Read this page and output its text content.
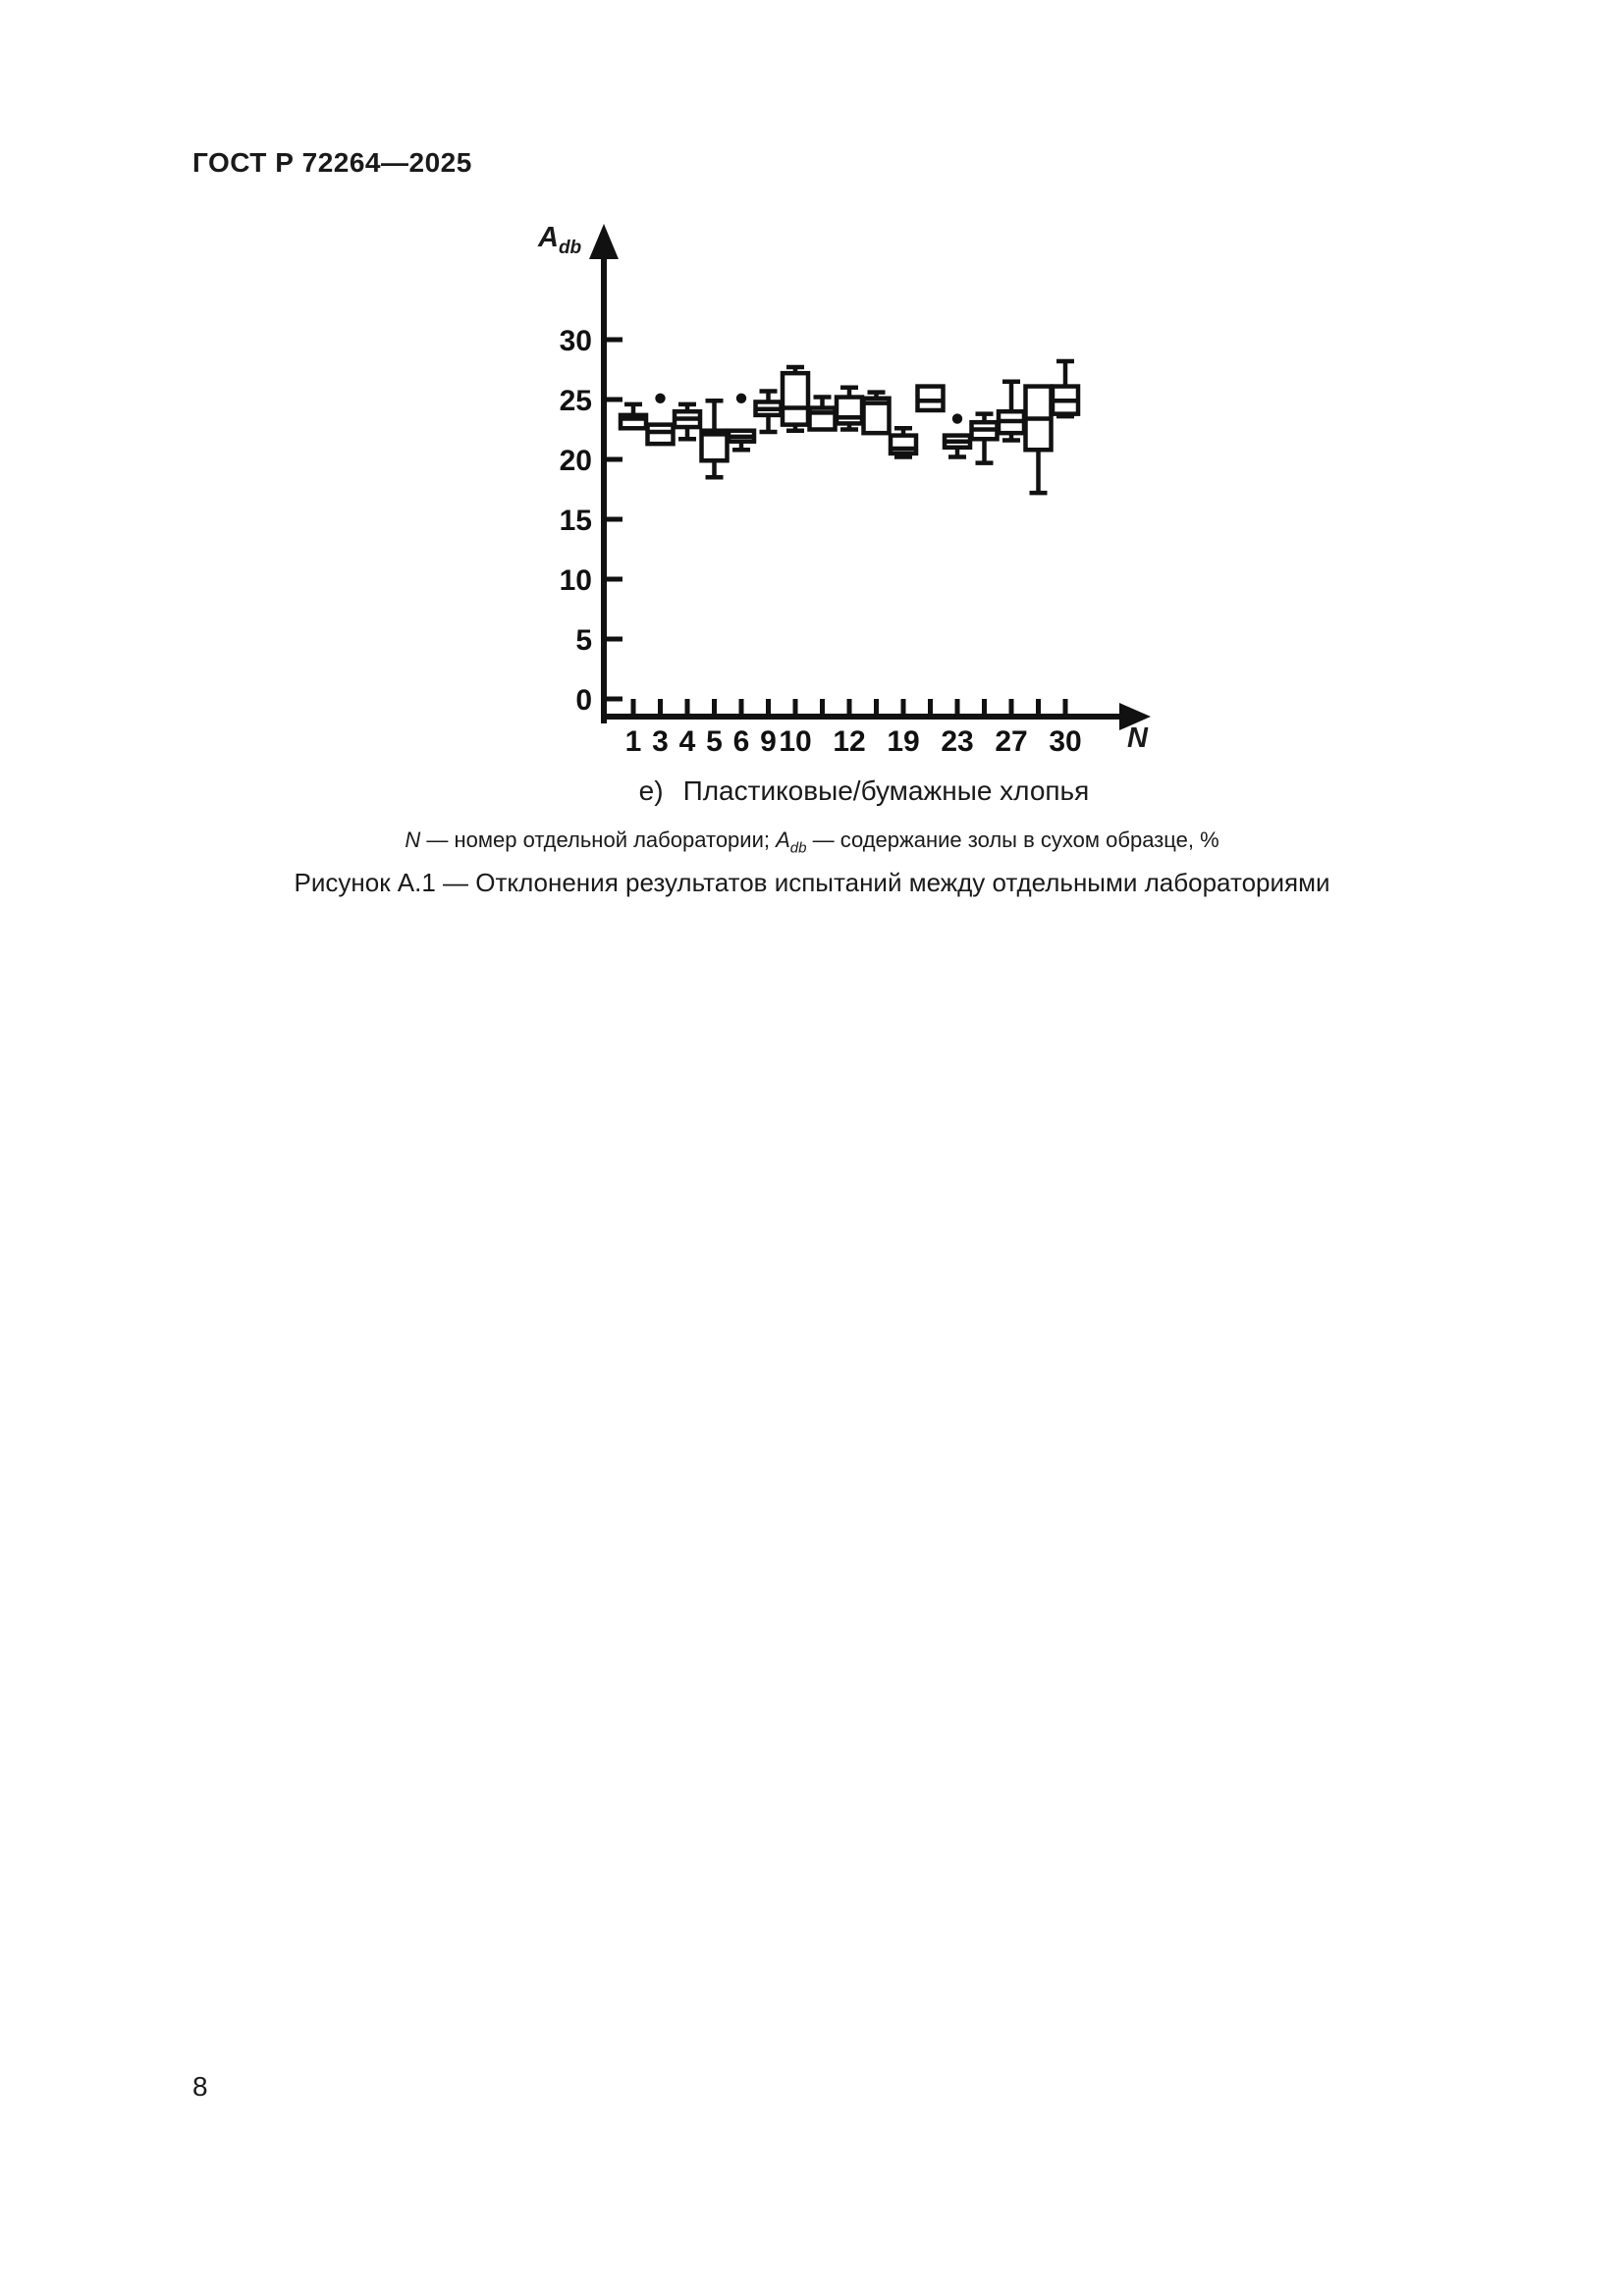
ГОСТ Р 72264—2025
0
5
10
15
20
25
30
1 3 4 5 6 9 10 12 19 23 27 30
$A_{db}$
N
е) Пластиковые/бумажные хлопья
N — номер отдельной лаборатории; $A_{db}$ — содержание золы в сухом образце, %
Рисунок А.1 — Отклонения результатов испытаний между отдельными лабораториями
8
